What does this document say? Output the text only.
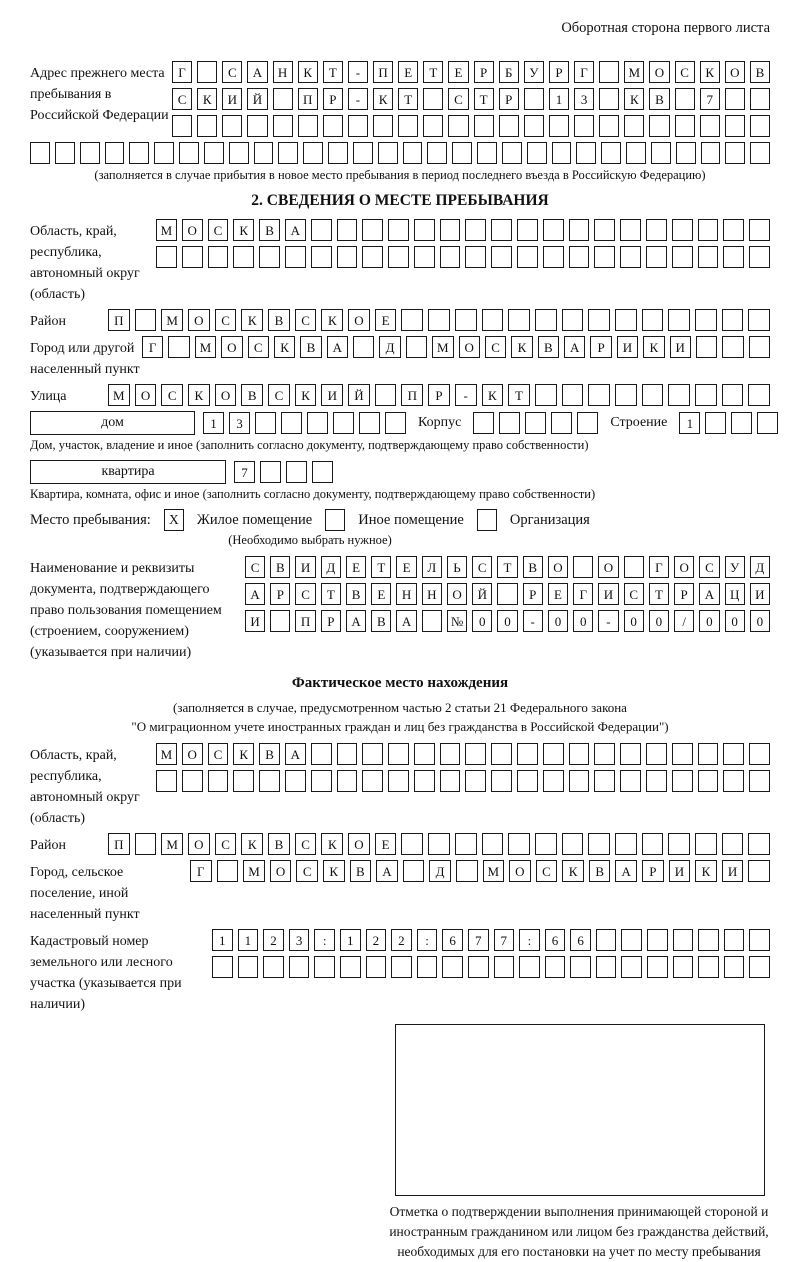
Оборотная сторона первого листа
Адрес прежнего места пребывания в Российской Федерации
Г	С	А	Н	К	Т	-	П	Е	Т	Е	Р	Б	У	Р	Г	М	О	С	К	О	В
С	К	И	Й	П	Р	-	К	Т	С	Т	Р	1	3	К	В	7
(заполняется в случае прибытия в новое место пребывания в период последнего въезда в Российскую Федерацию)
2. СВЕДЕНИЯ О МЕСТЕ ПРЕБЫВАНИЯ
Область, край, республика, автономный округ (область)
М	О	С	К	В	А
Район	П	М	О	С	К	В	С	К	О	Е
Город или другой населенный пункт
Г	М	О	С	К	В	А	Д	М	О	С	К	В	А	Р	И	К	И
Улица	М	О	С	К	О	В	С	К	И	Й	П	Р	-	К	Т
дом	1	3	Корпус	Строение	1
Дом, участок, владение и иное (заполнить согласно документу, подтверждающему право собственности)
квартира	7
Квартира, комната, офис и иное (заполнить согласно документу, подтверждающему право собственности)
Место пребывания:	X	Жилое помещение	Иное помещение	Организация
(Необходимо выбрать нужное)
Наименование и реквизиты документа, подтверждающего право пользования помещением (строением, сооружением) (указывается при наличии)
С	В	И	Д	Е	Т	Е	Л	Ь	С	Т	В	О	О	Г	О	С	У	Д
А	Р	С	Т	В	Е	Н	Н	О	Й	Р	Е	Г	И	С	Т	Р	А	Ц	И
И	П	Р	А	В	А	№	0	0	-	0	0	-	0	0	/	0	0	0
Фактическое место нахождения
(заполняется в случае, предусмотренном частью 2 статьи 21 Федерального закона
"О миграционном учете иностранных граждан и лиц без гражданства в Российской Федерации")
Область, край, республика, автономный округ (область)
М	О	С	К	В	А
Район	П	М	О	С	К	В	С	К	О	Е
Город, сельское поселение, иной населенный пункт
Г	М	О	С	К	В	А	Д	М	О	С	К	В	А	Р	И	К	И
Кадастровый номер земельного или лесного участка (указывается при наличии)
1	1	2	3	:	1	2	2	:	6	7	7	:	6	6
Отметка о подтверждении выполнения принимающей стороной и иностранным гражданином или лицом без гражданства действий, необходимых для его постановки на учет по месту пребывания
